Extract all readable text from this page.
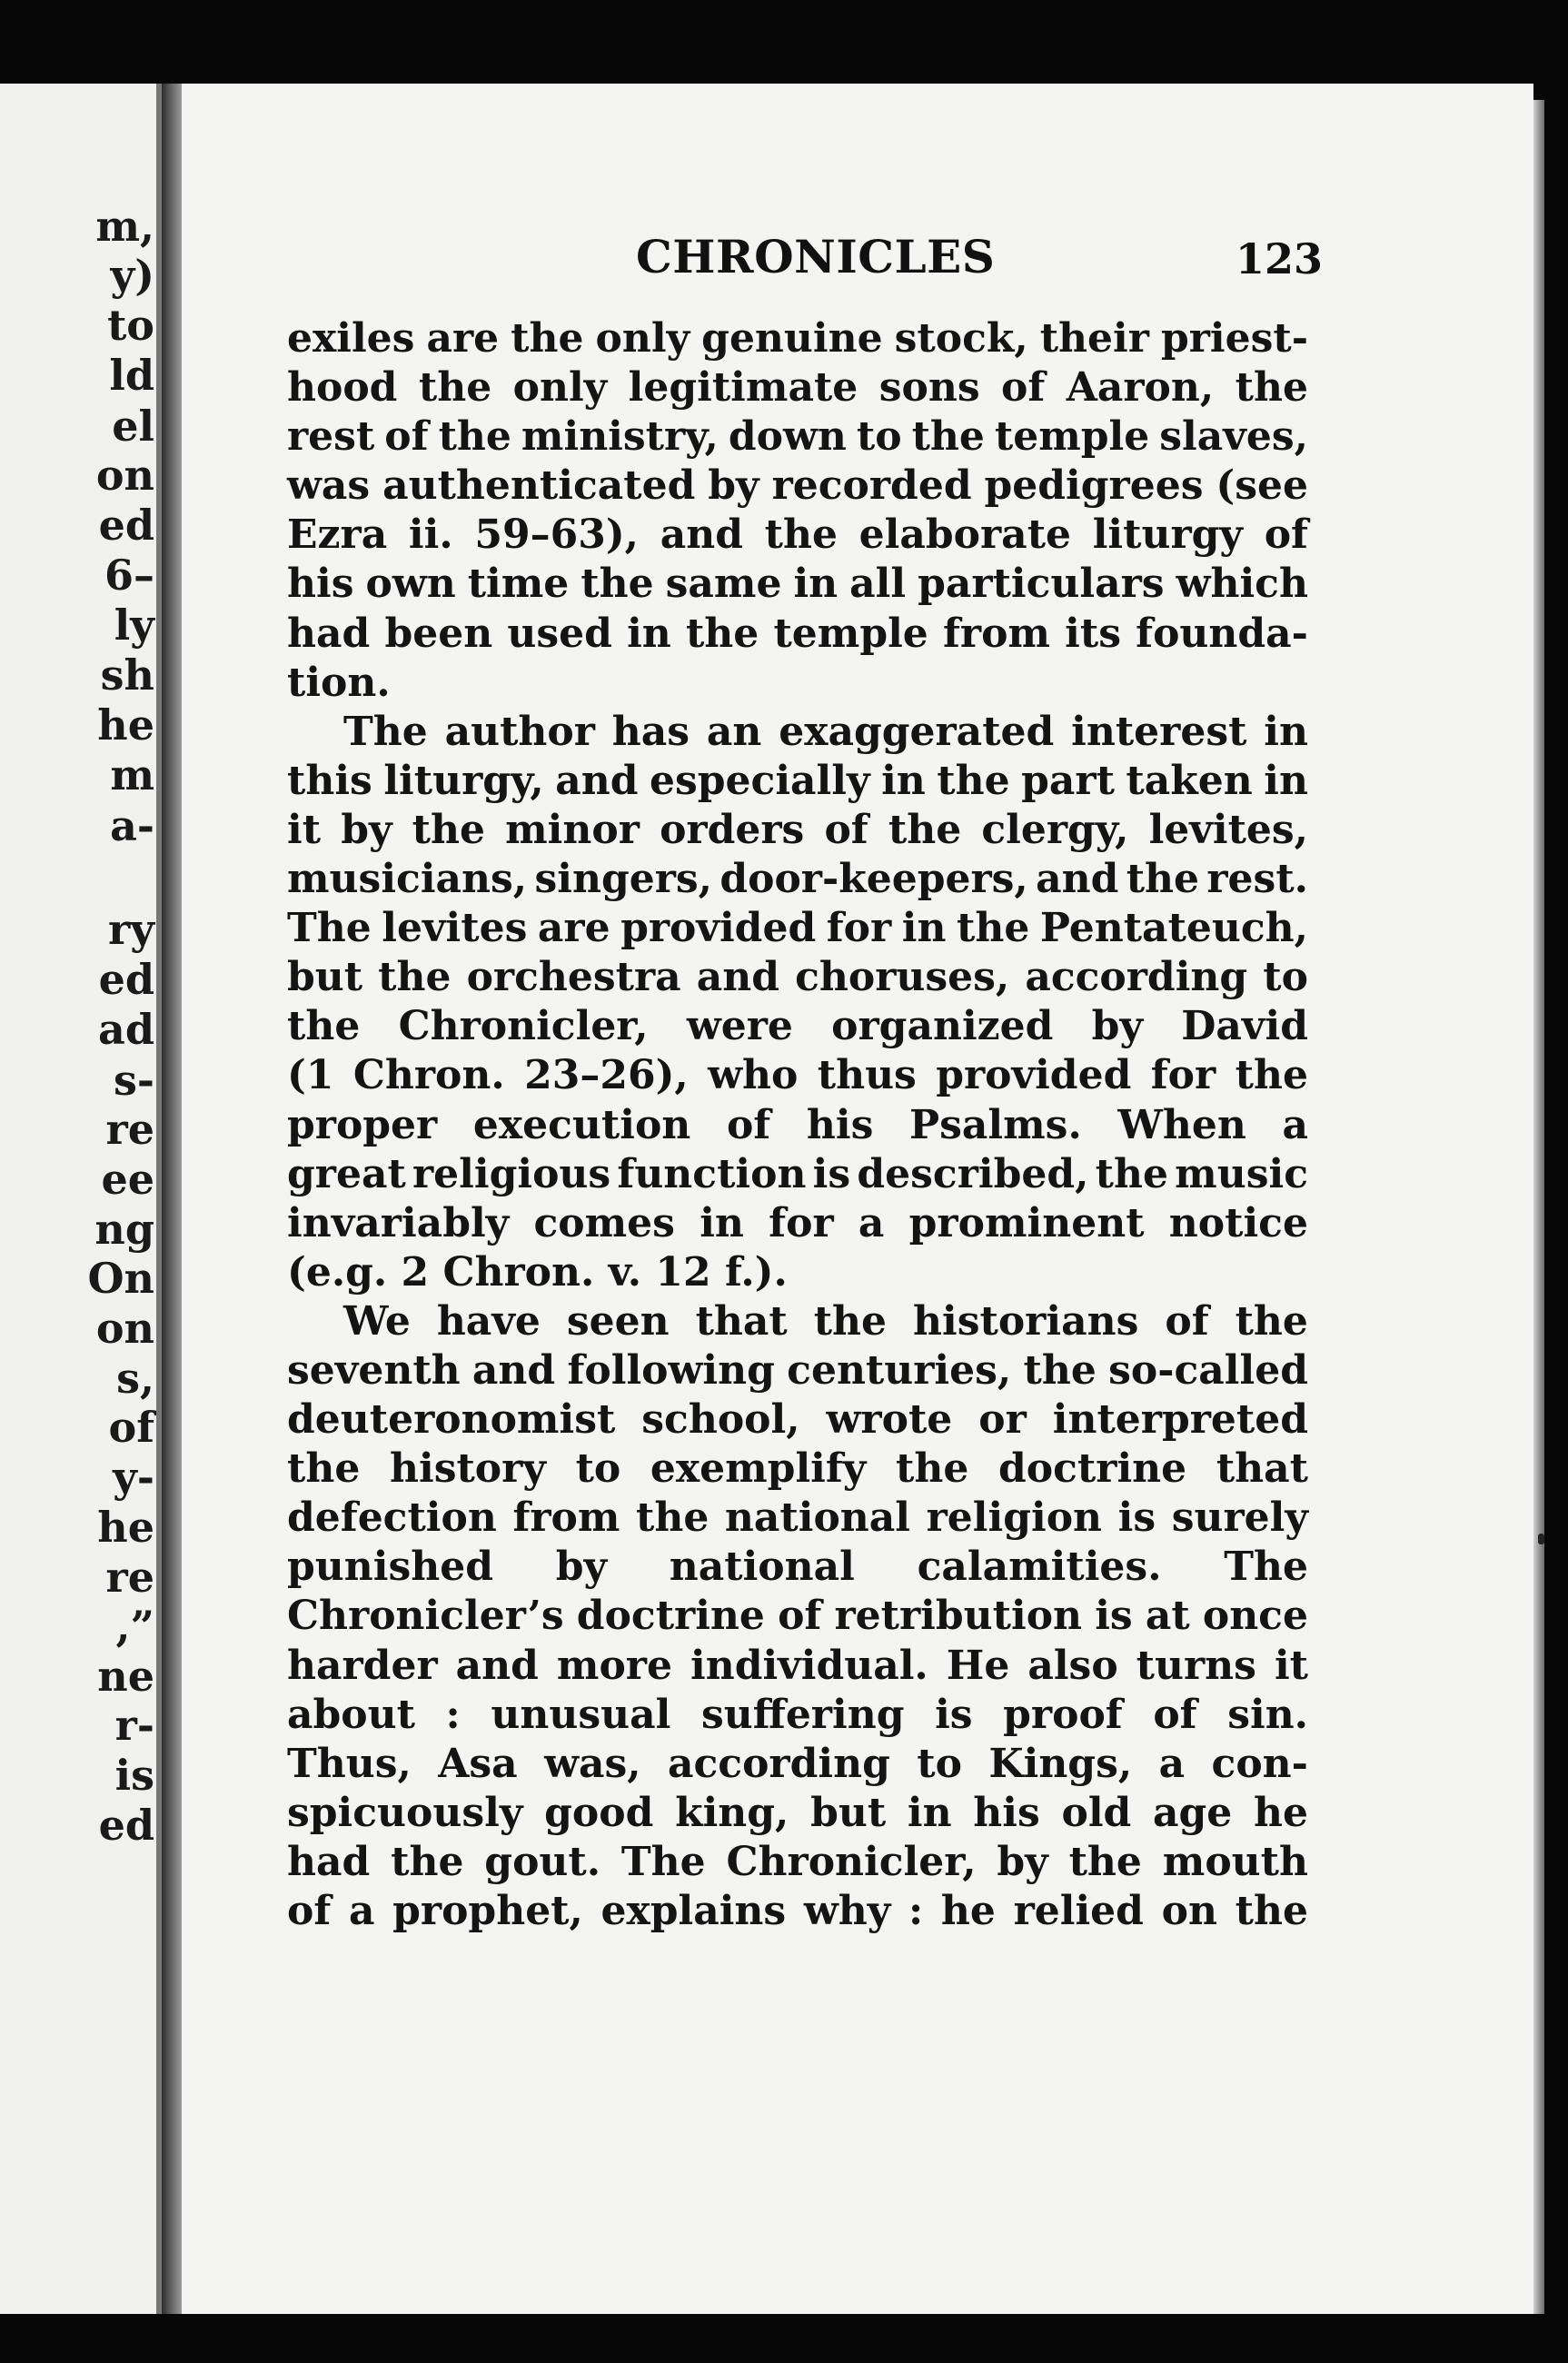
m,
y)
to
ld
el
on
ed
6–
ly
sh
he
m
a-
ry
ed
ad
s-
re
ee
ng
On
on
s,
of
y-
he
re
,”
ne
r-
is
ed
CHRONICLES	123
exiles are the only genuine stock, their priest-
hood the only legitimate sons of Aaron, the
rest of the ministry, down to the temple slaves,
was authenticated by recorded pedigrees (see
Ezra ii. 59–63), and the elaborate liturgy of
his own time the same in all particulars which
had been used in the temple from its founda-
tion.
The author has an exaggerated interest in
this liturgy, and especially in the part taken in
it by the minor orders of the clergy, levites,
musicians, singers, door-keepers, and the rest.
The levites are provided for in the Pentateuch,
but the orchestra and choruses, according to
the Chronicler, were organized by David
(1 Chron. 23–26), who thus provided for the
proper execution of his Psalms. When a
great religious function is described, the music
invariably comes in for a prominent notice
(e.g. 2 Chron. v. 12 f.).
We have seen that the historians of the
seventh and following centuries, the so-called
deuteronomist school, wrote or interpreted
the history to exemplify the doctrine that
defection from the national religion is surely
punished by national calamities. The
Chronicler’s doctrine of retribution is at once
harder and more individual. He also turns it
about : unusual suffering is proof of sin.
Thus, Asa was, according to Kings, a con-
spicuously good king, but in his old age he
had the gout. The Chronicler, by the mouth
of a prophet, explains why : he relied on the
